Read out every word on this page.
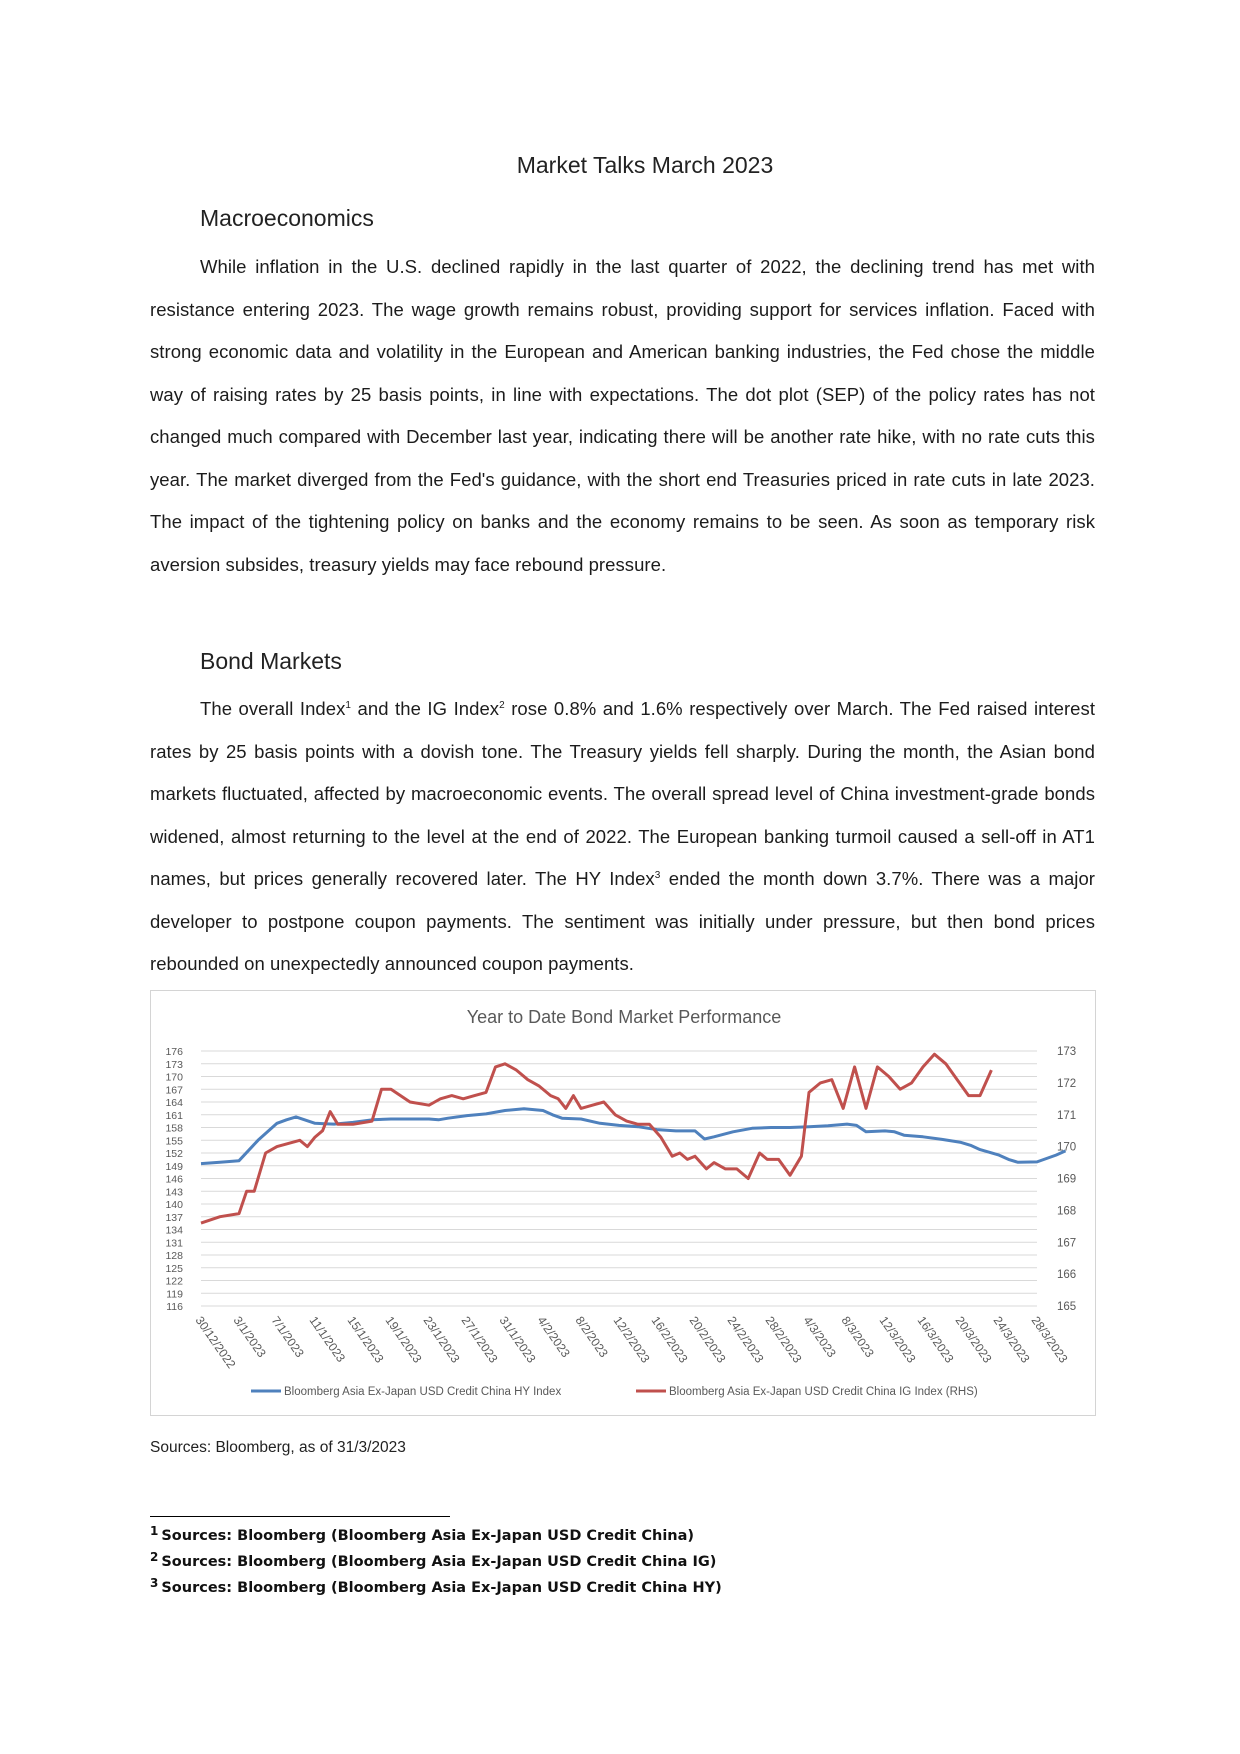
Market Talks March 2023
Macroeconomics

While inflation in the U.S. declined rapidly in the last quarter of 2022, the declining trend has met with resistance entering 2023. The wage growth remains robust, providing support for services inflation. Faced with strong economic data and volatility in the European and American banking industries, the Fed chose the middle way of raising rates by 25 basis points, in line with expectations. The dot plot (SEP) of the policy rates has not changed much compared with December last year, indicating there will be another rate hike, with no rate cuts this year. The market diverged from the Fed's guidance, with the short end Treasuries priced in rate cuts in late 2023. The impact of the tightening policy on banks and the economy remains to be seen. As soon as temporary risk aversion subsides, treasury yields may face rebound pressure.

Bond Markets

The overall Index$^1$ and the IG Index$^2$ rose 0.8% and 1.6% respectively over March. The Fed raised interest rates by 25 basis points with a dovish tone. The Treasury yields fell sharply. During the month, the Asian bond markets fluctuated, affected by macroeconomic events. The overall spread level of China investment-grade bonds widened, almost returning to the level at the end of 2022. The European banking turmoil caused a sell-off in AT1 names, but prices generally recovered later. The HY Index$^3$ ended the month down 3.7%. There was a major developer to postpone coupon payments. The sentiment was initially under pressure, but then bond prices rebounded on unexpectedly announced coupon payments.

Year to Date Bond Market Performance
116
119
122
125
128
131
134
137
140
143
146
149
152
155
158
161
164
167
170
173
176
165
166
167
168
169
170
171
172
173
30/12/2022
3/1/2023 7/1/2023 11/1/2023
15/1/2023
19/1/2023
23/1/2023
27/1/2023
31/1/2023
4/2/2023 8/2/2023 12/2/2023
16/2/2023
20/2/2023
24/2/2023
28/2/2023
4/3/2023 8/3/2023 12/3/2023
16/3/2023
20/3/2023
24/3/2023
28/3/2023
Bloomberg Asia Ex-Japan USD Credit China HY Index	Bloomberg Asia Ex-Japan USD Credit China IG Index (RHS)
Sources: Bloomberg, as of 31/3/2023
$^1$ Sources: Bloomberg (Bloomberg Asia Ex-Japan USD Credit China)
$^2$ Sources: Bloomberg (Bloomberg Asia Ex-Japan USD Credit China IG)
$^3$ Sources: Bloomberg (Bloomberg Asia Ex-Japan USD Credit China HY)
